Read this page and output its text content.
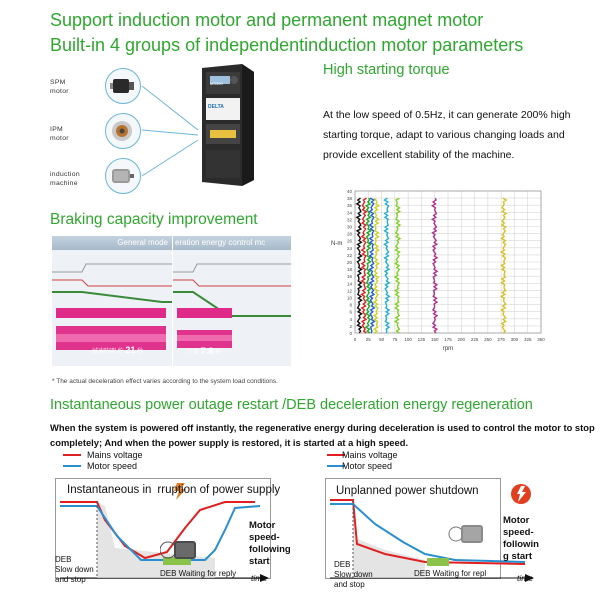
Support induction motor and permanent magnet motor
Built-in 4 groups of independentinduction motor parameters
SPM
motor
IPM
motor
induction
machine
DELTA
MS300
High starting torque
At the low speed of 0.5Hz, it can generate 200% high starting torque, adapt to various changing loads and provide excellent stability of the machine.
0
2
4
6
8
10
12
14
16
18
20
22
24
26
28
30
32
34
36
38
40
0 25 50 75 100 125 150 175 200 225 250 275 300 325 350
N-m
rpm
Braking capacity improvement
General mode
減速時間 約 21 秒
eration energy control mc
只需 7.8 秒
* The actual deceleration effect varies according to the system load conditions.
Instantaneous power outage restart /DEB deceleration energy regeneration
When the system is powered off instantly, the regenerative energy during deceleration is used to control the motor to stop completely; And when the power supply is restored, it is started at a high speed.
Mains voltage
Motor speed
Mains voltage
Motor speed
Instantaneous in rruption of power supply
Motor
speed-
following
start
DEB
Slow down
and stop
DEB Waiting for reply time
Unplanned power shutdown
Motor
speed-
followin
g start
DEB
Slow down
and stop
DEB Waiting for repl	time
